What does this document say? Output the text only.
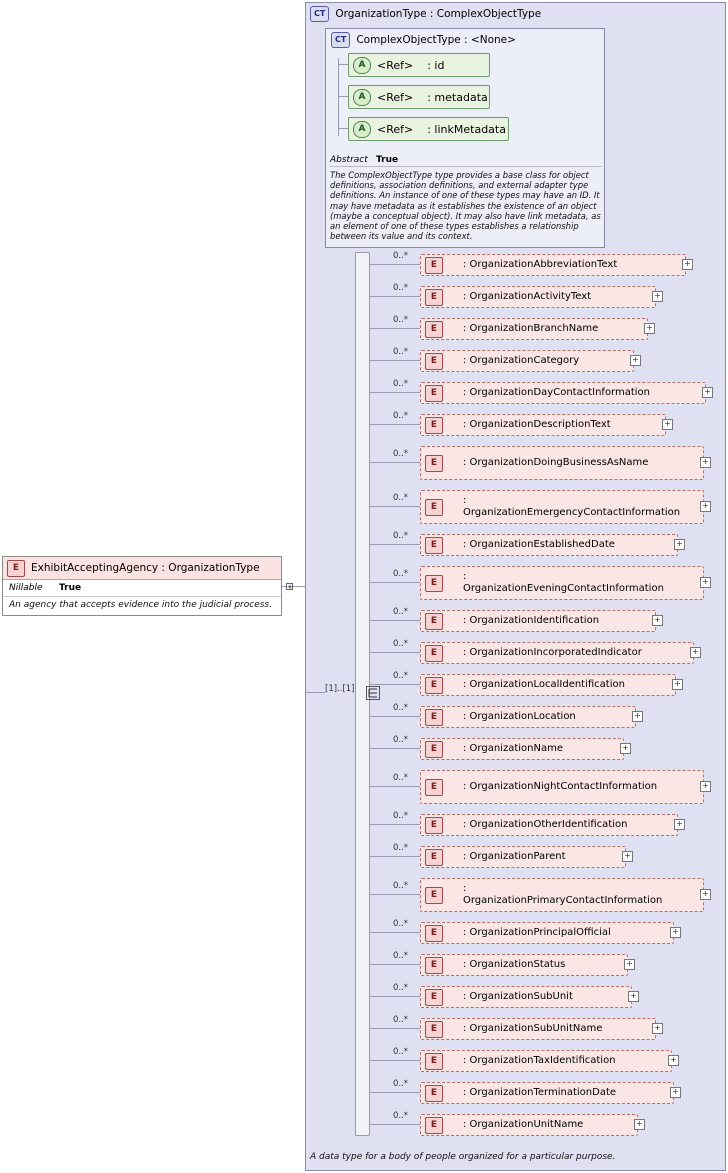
E	ExhibitAcceptingAgency : OrganizationType
Nillable	True
An agency that accepts evidence into the judicial process.
+
CT OrganizationType : ComplexObjectType
A data type for a body of people organized for a particular purpose.
CT ComplexObjectType : <None>
A	<Ref> : id
A	<Ref> : metadata
A	<Ref> : linkMetadata
Abstract True
The ComplexObjectType type provides a base class for object definitions, association definitions, and external adapter type definitions. An instance of one of these types may have an ID. It may have metadata as it establishes the existence of an object (maybe a conceptual object). It may also have link metadata, as an element of one of these types establishes a relationship between its value and its context.
[1]..[1]
0..*
E	: OrganizationAbbreviationText	+
0..*
E	: OrganizationActivityText	+
0..*
E	: OrganizationBranchName	+
0..*
E	: OrganizationCategory	+
0..*
E	: OrganizationDayContactInformation	+
0..*
E	: OrganizationDescriptionText	+
0..*
E	: OrganizationDoingBusinessAsName	+
0..*
E
: OrganizationEmergencyContactInformation
+
0..*
E	: OrganizationEstablishedDate	+
0..*
E
: OrganizationEveningContactInformation
+
0..*
E	: OrganizationIdentification	+
0..*
E	: OrganizationIncorporatedIndicator	+
0..*
E	: OrganizationLocalIdentification	+
0..*
E	: OrganizationLocation	+
0..*
E	: OrganizationName	+
0..*
E	: OrganizationNightContactInformation	+
0..*
E	: OrganizationOtherIdentification	+
0..*
E	: OrganizationParent	+
0..*
E
: OrganizationPrimaryContactInformation
+
0..*
E	: OrganizationPrincipalOfficial	+
0..*
E	: OrganizationStatus	+
0..*
E	: OrganizationSubUnit	+
0..*
E	: OrganizationSubUnitName	+
0..*
E	: OrganizationTaxIdentification	+
0..*
E	: OrganizationTerminationDate	+
0..*
E	: OrganizationUnitName	+
